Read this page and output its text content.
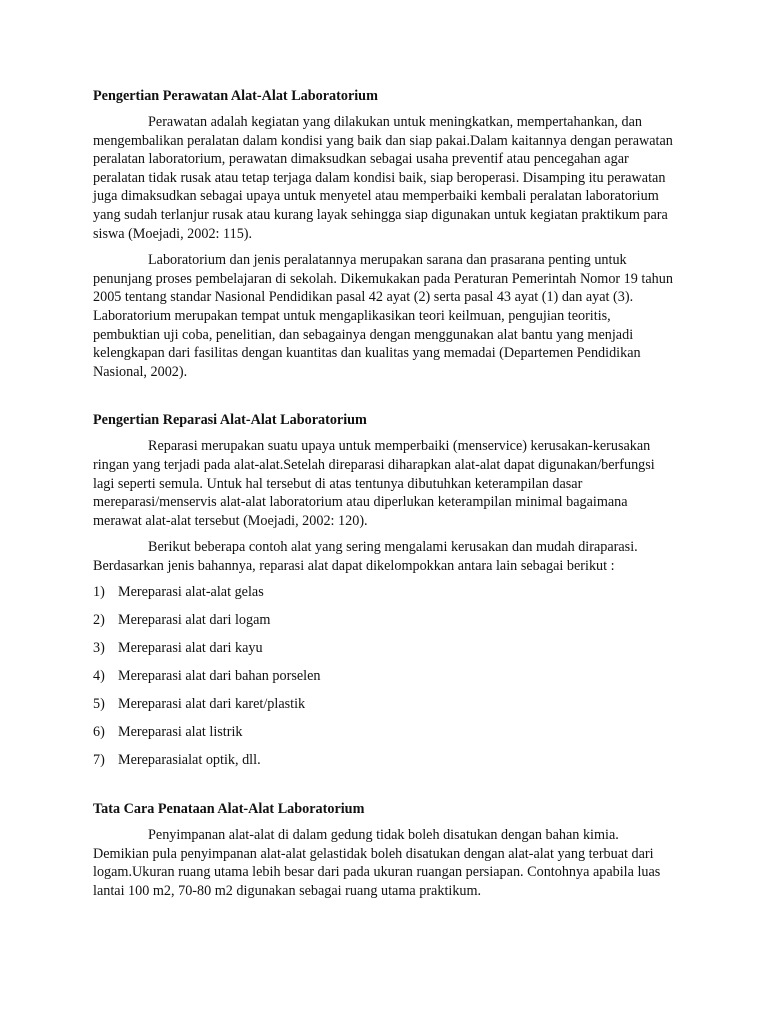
Pengertian Perawatan Alat-Alat Laboratorium

Perawatan adalah kegiatan yang dilakukan untuk meningkatkan, mempertahankan, dan mengembalikan peralatan dalam kondisi yang baik dan siap pakai.Dalam kaitannya dengan perawatan peralatan laboratorium, perawatan dimaksudkan sebagai usaha preventif atau pencegahan agar peralatan tidak rusak atau tetap terjaga dalam kondisi baik, siap beroperasi. Disamping itu perawatan juga dimaksudkan sebagai upaya untuk menyetel atau memperbaiki kembali peralatan laboratorium yang sudah terlanjur rusak atau kurang layak sehingga siap digunakan untuk kegiatan praktikum para siswa (Moejadi, 2002: 115).

Laboratorium dan jenis peralatannya merupakan sarana dan prasarana penting untuk penunjang proses pembelajaran di sekolah. Dikemukakan pada Peraturan Pemerintah Nomor 19 tahun 2005 tentang standar Nasional Pendidikan pasal 42 ayat (2) serta pasal 43 ayat (1) dan ayat (3). Laboratorium merupakan tempat untuk mengaplikasikan teori keilmuan, pengujian teoritis, pembuktian uji coba, penelitian, dan sebagainya dengan menggunakan alat bantu yang menjadi kelengkapan dari fasilitas dengan kuantitas dan kualitas yang memadai (Departemen Pendidikan Nasional, 2002).

Pengertian Reparasi Alat-Alat Laboratorium

Reparasi merupakan suatu upaya untuk memperbaiki (menservice) kerusakan-kerusakan ringan yang terjadi pada alat-alat.Setelah direparasi diharapkan alat-alat dapat digunakan/berfungsi lagi seperti semula. Untuk hal tersebut di atas tentunya dibutuhkan keterampilan dasar mereparasi/menservis alat-alat laboratorium atau diperlukan keterampilan minimal bagaimana merawat alat-alat tersebut (Moejadi, 2002: 120).

Berikut beberapa contoh alat yang sering mengalami kerusakan dan mudah diraparasi. Berdasarkan jenis bahannya, reparasi alat dapat dikelompokkan antara lain sebagai berikut :

1) Mereparasi alat-alat gelas
2) Mereparasi alat dari logam
3) Mereparasi alat dari kayu
4) Mereparasi alat dari bahan porselen
5) Mereparasi alat dari karet/plastik
6) Mereparasi alat listrik
7) Mereparasialat optik, dll.
Tata Cara Penataan Alat-Alat Laboratorium

Penyimpanan alat-alat di dalam gedung tidak boleh disatukan dengan bahan kimia. Demikian pula penyimpanan alat-alat gelastidak boleh disatukan dengan alat-alat yang terbuat dari logam.Ukuran ruang utama lebih besar dari pada ukuran ruangan persiapan. Contohnya apabila luas lantai 100 m2, 70-80 m2 digunakan sebagai ruang utama praktikum.
